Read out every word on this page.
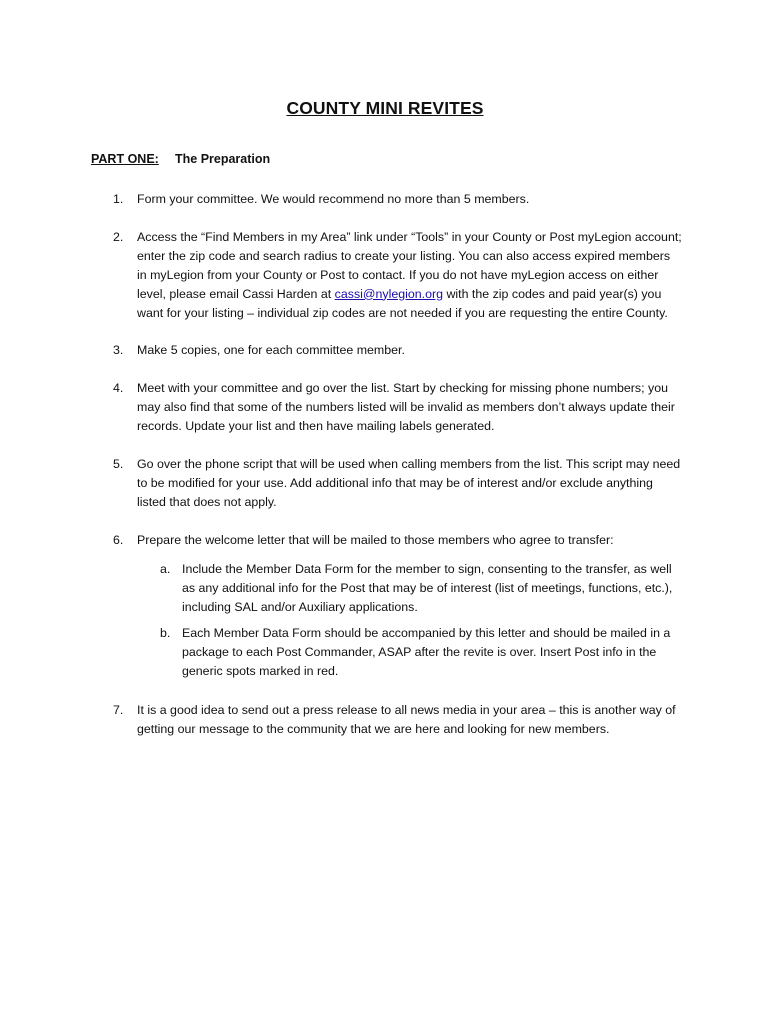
COUNTY MINI REVITES
PART ONE: The Preparation
1. Form your committee. We would recommend no more than 5 members.
2. Access the “Find Members in my Area” link under “Tools” in your County or Post myLegion account; enter the zip code and search radius to create your listing. You can also access expired members in myLegion from your County or Post to contact. If you do not have myLegion access on either level, please email Cassi Harden at cassi@nylegion.org with the zip codes and paid year(s) you want for your listing – individual zip codes are not needed if you are requesting the entire County.
3. Make 5 copies, one for each committee member.
4. Meet with your committee and go over the list. Start by checking for missing phone numbers; you may also find that some of the numbers listed will be invalid as members don’t always update their records. Update your list and then have mailing labels generated.
5. Go over the phone script that will be used when calling members from the list. This script may need to be modified for your use. Add additional info that may be of interest and/or exclude anything listed that does not apply.
6. Prepare the welcome letter that will be mailed to those members who agree to transfer:
a. Include the Member Data Form for the member to sign, consenting to the transfer, as well as any additional info for the Post that may be of interest (list of meetings, functions, etc.), including SAL and/or Auxiliary applications.
b. Each Member Data Form should be accompanied by this letter and should be mailed in a package to each Post Commander, ASAP after the revite is over. Insert Post info in the generic spots marked in red.
7. It is a good idea to send out a press release to all news media in your area – this is another way of getting our message to the community that we are here and looking for new members.
